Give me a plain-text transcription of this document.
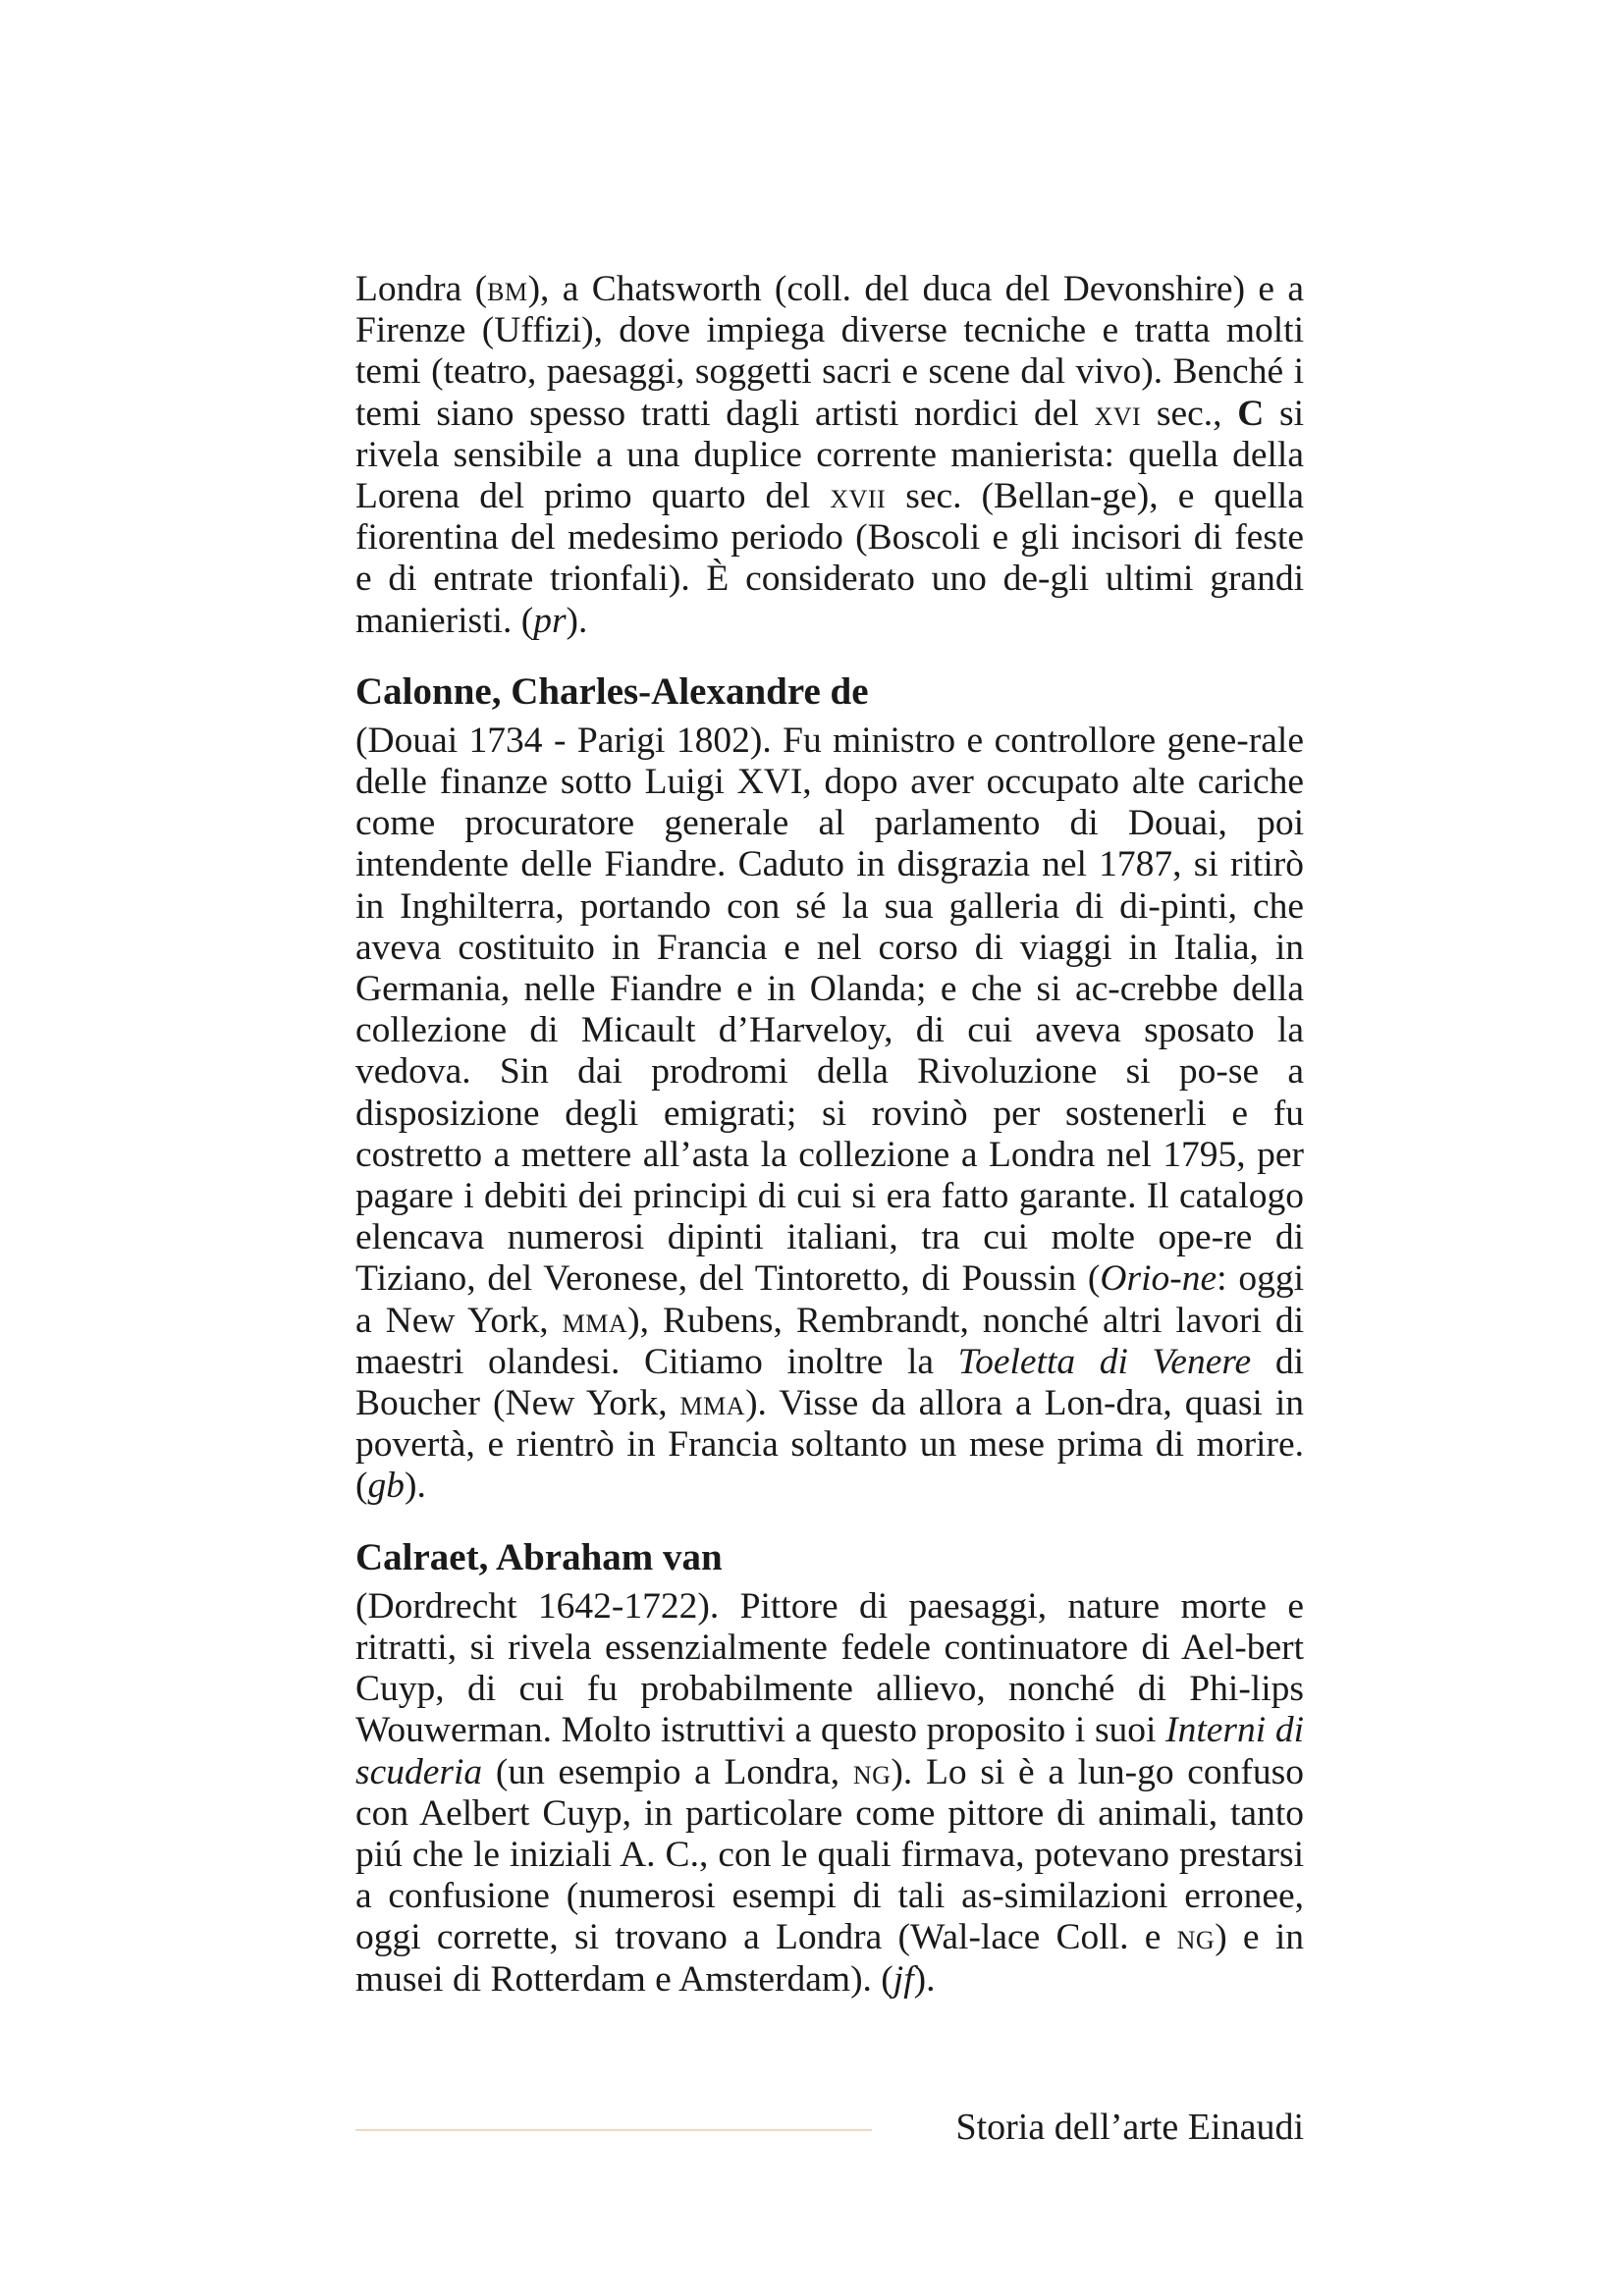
Londra (bm), a Chatsworth (coll. del duca del Devonshire) e a Firenze (Uffizi), dove impiega diverse tecniche e tratta molti temi (teatro, paesaggi, soggetti sacri e scene dal vivo). Benché i temi siano spesso tratti dagli artisti nordici del xvi sec., C si rivela sensibile a una duplice corrente manierista: quella della Lorena del primo quarto del xvii sec. (Bellan-ge), e quella fiorentina del medesimo periodo (Boscoli e gli incisori di feste e di entrate trionfali). È considerato uno de-gli ultimi grandi manieristi. (pr).

Calonne, Charles-Alexandre de

(Douai 1734 - Parigi 1802). Fu ministro e controllore gene-rale delle finanze sotto Luigi XVI, dopo aver occupato alte cariche come procuratore generale al parlamento di Douai, poi intendente delle Fiandre. Caduto in disgrazia nel 1787, si ritirò in Inghilterra, portando con sé la sua galleria di di-pinti, che aveva costituito in Francia e nel corso di viaggi in Italia, in Germania, nelle Fiandre e in Olanda; e che si ac-crebbe della collezione di Micault d’Harveloy, di cui aveva sposato la vedova. Sin dai prodromi della Rivoluzione si po-se a disposizione degli emigrati; si rovinò per sostenerli e fu costretto a mettere all’asta la collezione a Londra nel 1795, per pagare i debiti dei principi di cui si era fatto garante. Il catalogo elencava numerosi dipinti italiani, tra cui molte ope-re di Tiziano, del Veronese, del Tintoretto, di Poussin (Orio-ne: oggi a New York, mma), Rubens, Rembrandt, nonché altri lavori di maestri olandesi. Citiamo inoltre la Toeletta di Venere di Boucher (New York, mma). Visse da allora a Lon-dra, quasi in povertà, e rientrò in Francia soltanto un mese prima di morire. (gb).

Calraet, Abraham van

(Dordrecht 1642-1722). Pittore di paesaggi, nature morte e ritratti, si rivela essenzialmente fedele continuatore di Ael-bert Cuyp, di cui fu probabilmente allievo, nonché di Phi-lips Wouwerman. Molto istruttivi a questo proposito i suoi Interni di scuderia (un esempio a Londra, ng). Lo si è a lun-go confuso con Aelbert Cuyp, in particolare come pittore di animali, tanto piú che le iniziali A. C., con le quali firmava, potevano prestarsi a confusione (numerosi esempi di tali as-similazioni erronee, oggi corrette, si trovano a Londra (Wal-lace Coll. e ng) e in musei di Rotterdam e Amsterdam). (jf).

Storia dell’arte Einaudi
